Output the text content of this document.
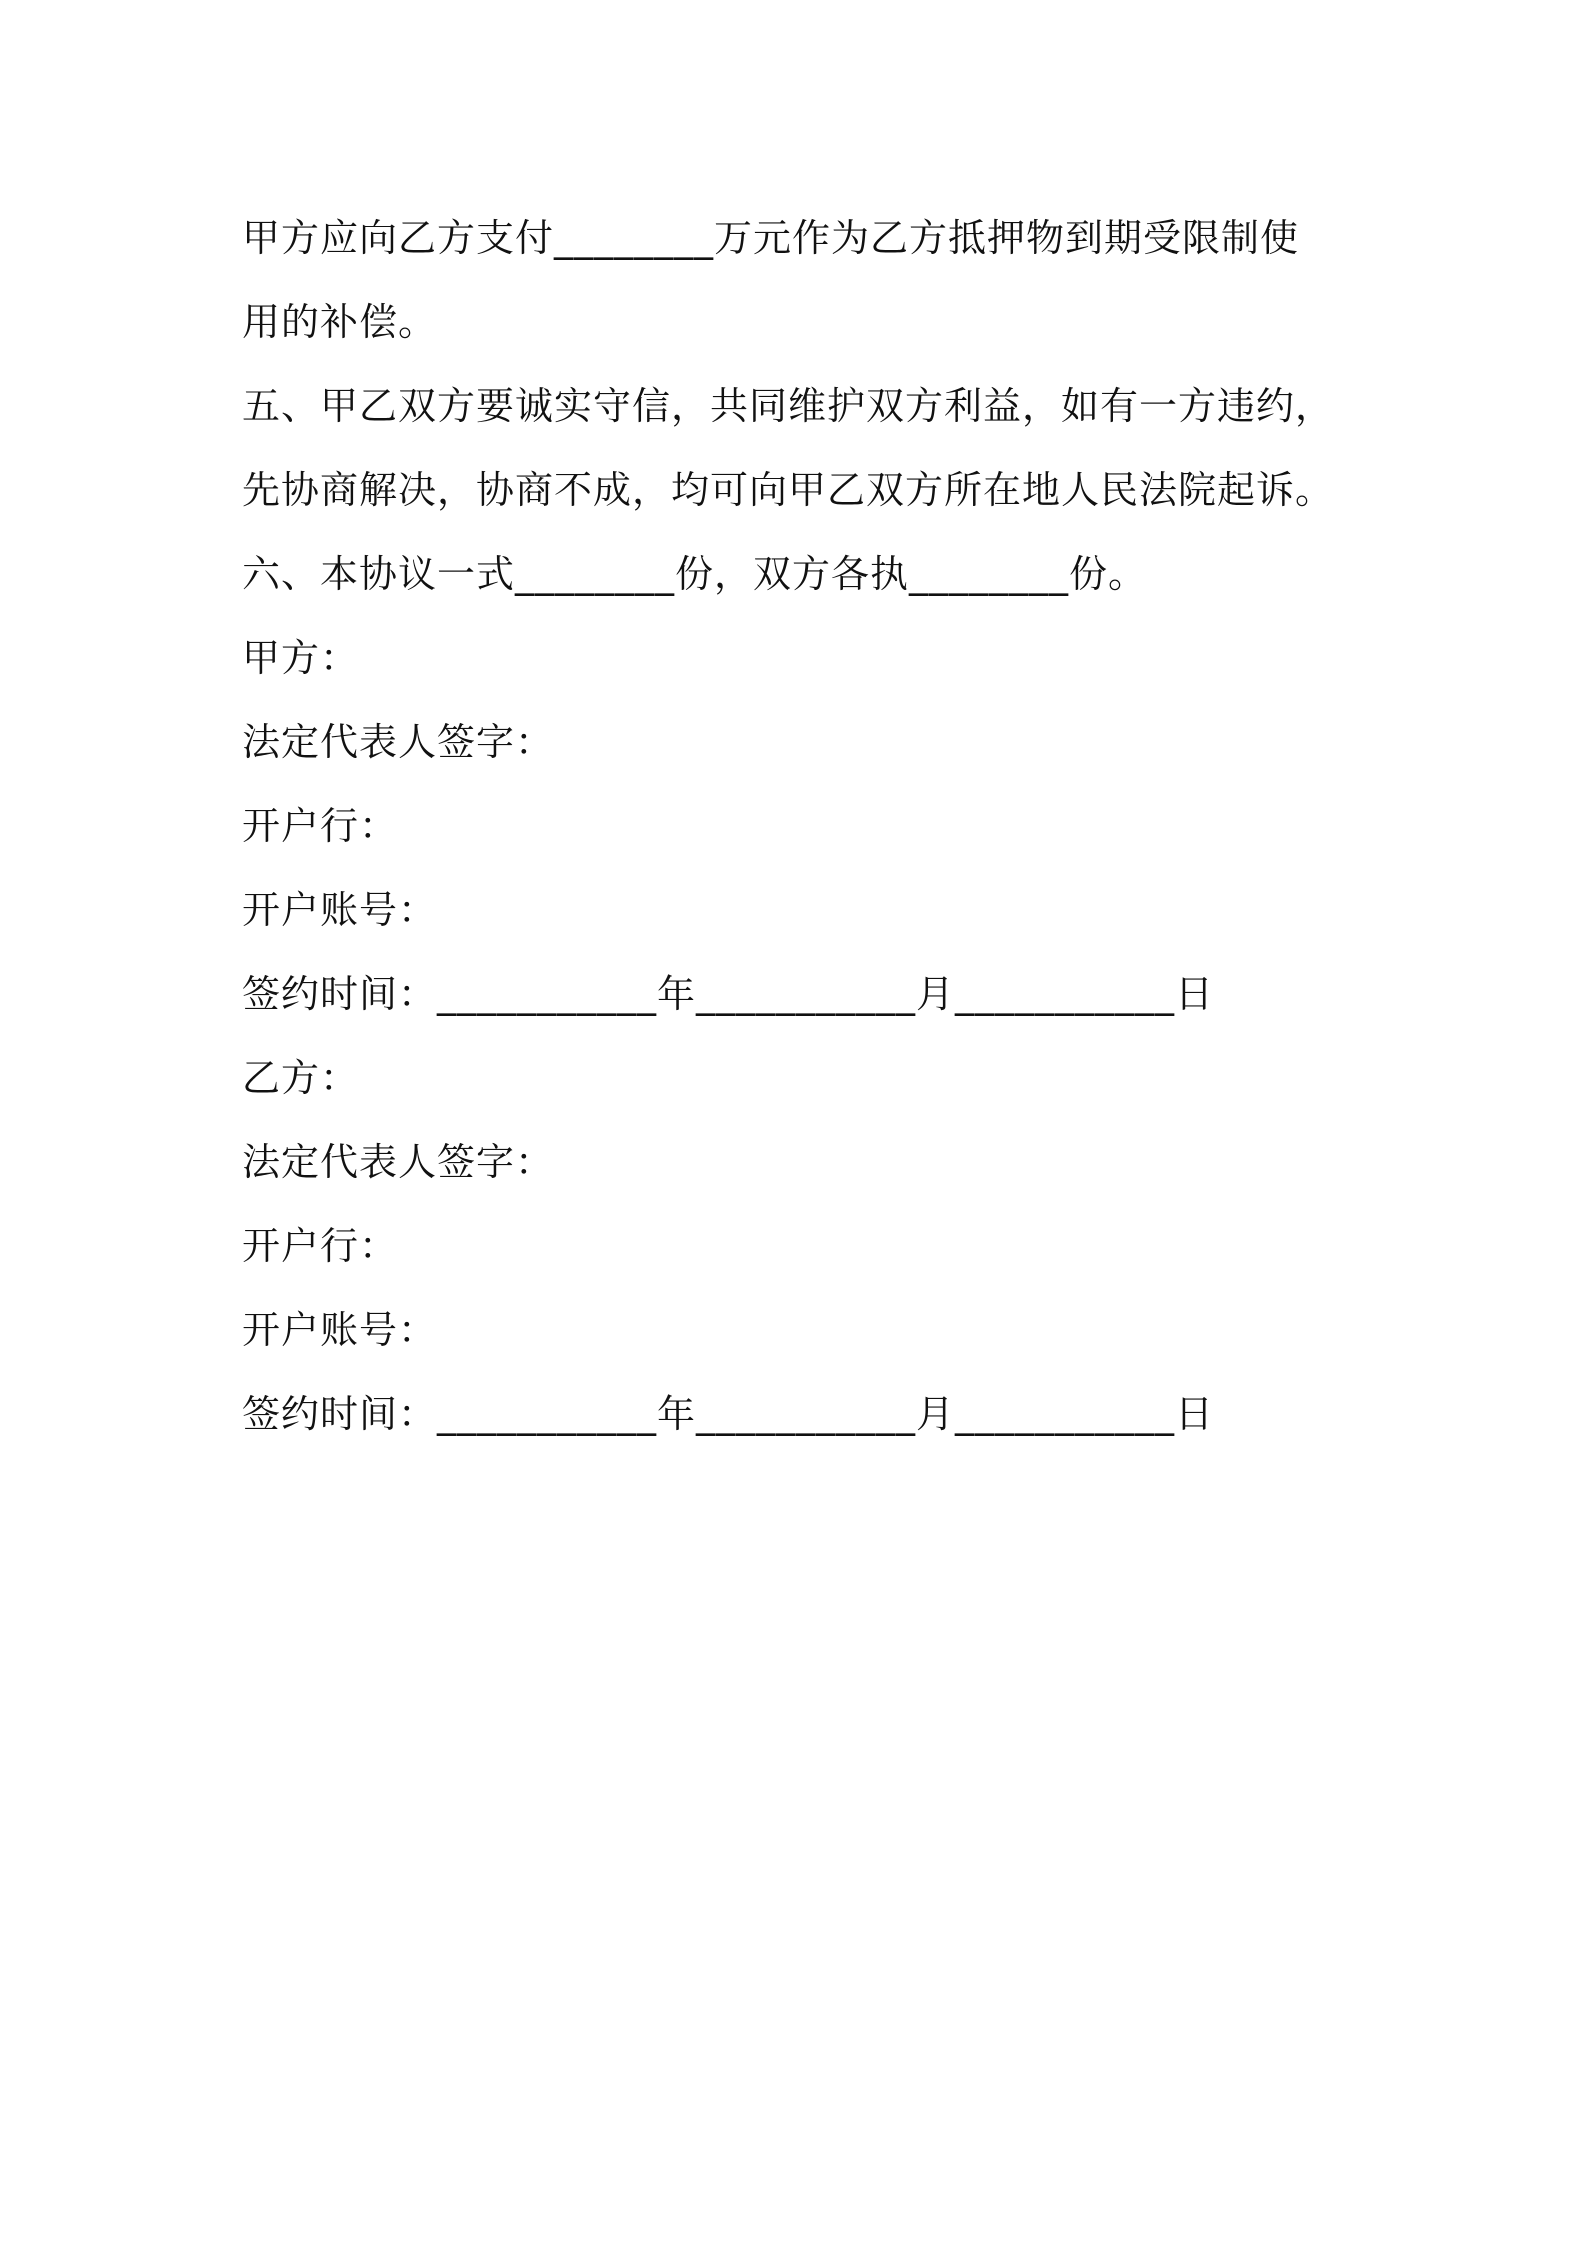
甲方应向乙方支付________万元作为乙方抵押物到期受限制使
用的补偿。
五、甲乙双方要诚实守信，共同维护双方利益，如有一方违约，
先协商解决，协商不成，均可向甲乙双方所在地人民法院起诉。
六、本协议一式________份，双方各执________份。
甲方：
法定代表人签字：
开户行：
开户账号：
签约时间：___________年___________月___________日
乙方：
法定代表人签字：
开户行：
开户账号：
签约时间：___________年___________月___________日
